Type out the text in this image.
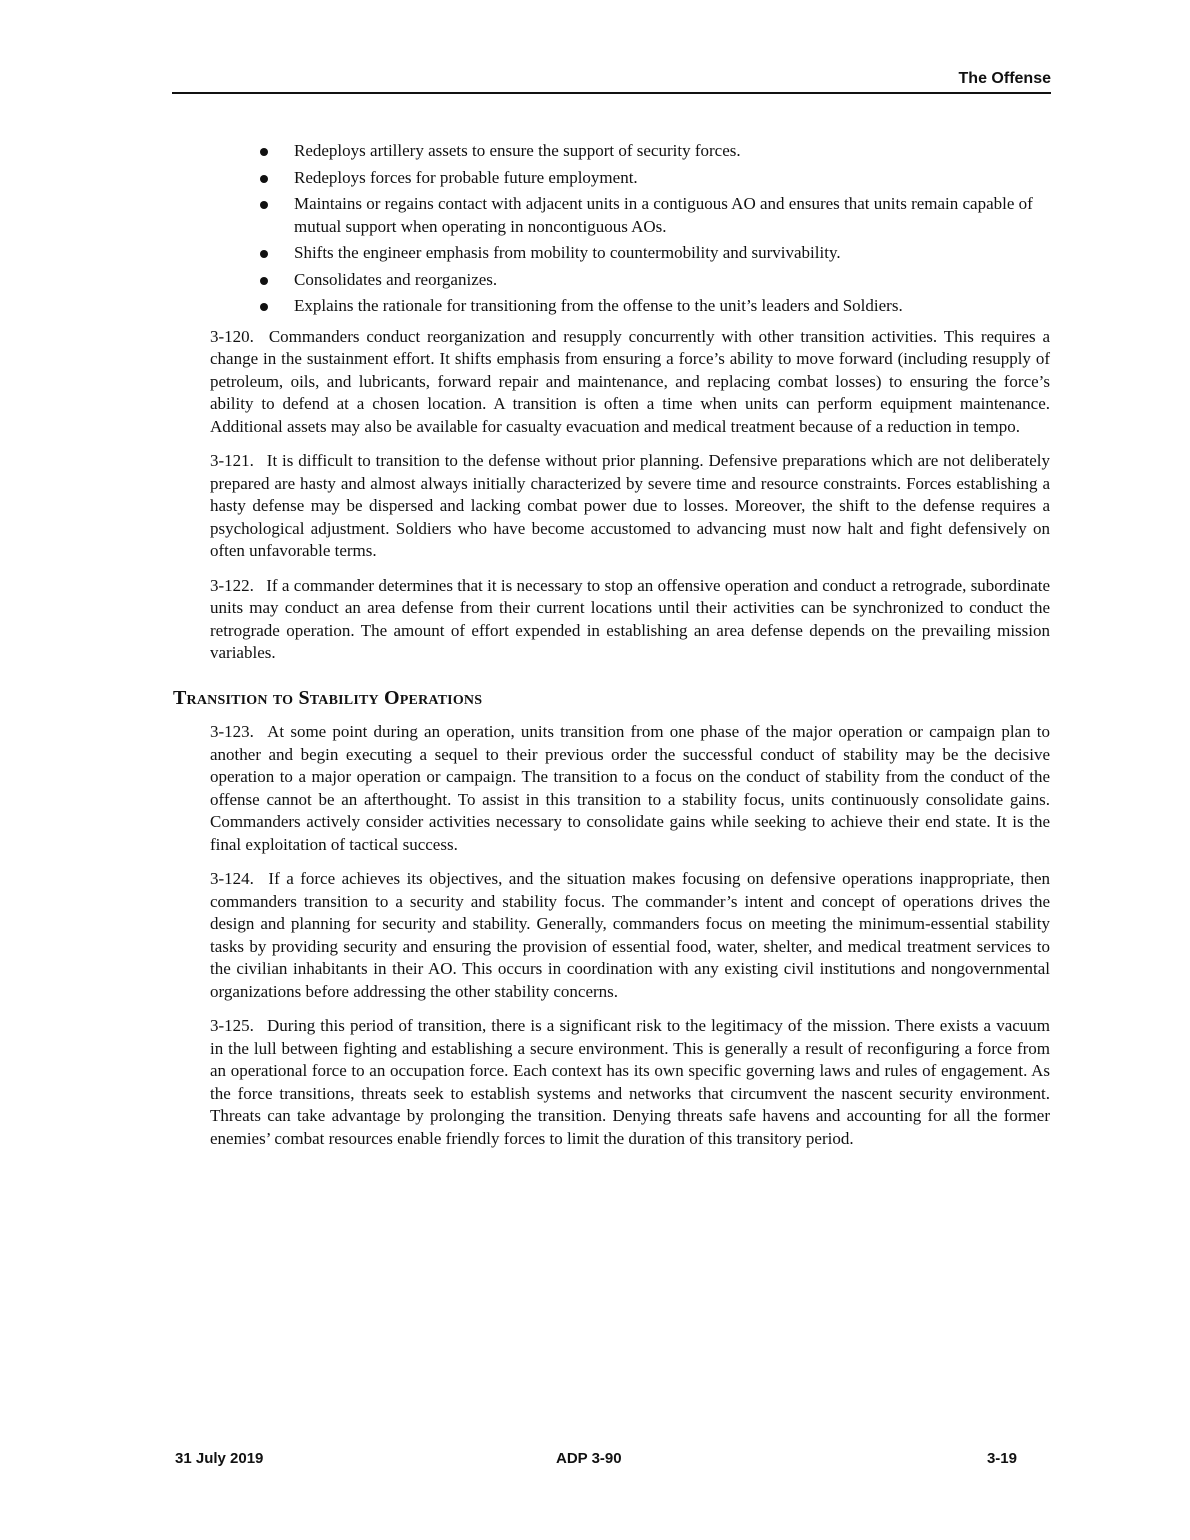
The Offense
Redeploys artillery assets to ensure the support of security forces.
Redeploys forces for probable future employment.
Maintains or regains contact with adjacent units in a contiguous AO and ensures that units remain capable of mutual support when operating in noncontiguous AOs.
Shifts the engineer emphasis from mobility to countermobility and survivability.
Consolidates and reorganizes.
Explains the rationale for transitioning from the offense to the unit’s leaders and Soldiers.

3-120. Commanders conduct reorganization and resupply concurrently with other transition activities. This requires a change in the sustainment effort. It shifts emphasis from ensuring a force’s ability to move forward (including resupply of petroleum, oils, and lubricants, forward repair and maintenance, and replacing combat losses) to ensuring the force’s ability to defend at a chosen location. A transition is often a time when units can perform equipment maintenance. Additional assets may also be available for casualty evacuation and medical treatment because of a reduction in tempo.

3-121. It is difficult to transition to the defense without prior planning. Defensive preparations which are not deliberately prepared are hasty and almost always initially characterized by severe time and resource constraints. Forces establishing a hasty defense may be dispersed and lacking combat power due to losses. Moreover, the shift to the defense requires a psychological adjustment. Soldiers who have become accustomed to advancing must now halt and fight defensively on often unfavorable terms.

3-122. If a commander determines that it is necessary to stop an offensive operation and conduct a retrograde, subordinate units may conduct an area defense from their current locations until their activities can be synchronized to conduct the retrograde operation. The amount of effort expended in establishing an area defense depends on the prevailing mission variables.

Transition to Stability Operations

3-123. At some point during an operation, units transition from one phase of the major operation or campaign plan to another and begin executing a sequel to their previous order the successful conduct of stability may be the decisive operation to a major operation or campaign. The transition to a focus on the conduct of stability from the conduct of the offense cannot be an afterthought. To assist in this transition to a stability focus, units continuously consolidate gains. Commanders actively consider activities necessary to consolidate gains while seeking to achieve their end state. It is the final exploitation of tactical success.

3-124. If a force achieves its objectives, and the situation makes focusing on defensive operations inappropriate, then commanders transition to a security and stability focus. The commander’s intent and concept of operations drives the design and planning for security and stability. Generally, commanders focus on meeting the minimum-essential stability tasks by providing security and ensuring the provision of essential food, water, shelter, and medical treatment services to the civilian inhabitants in their AO. This occurs in coordination with any existing civil institutions and nongovernmental organizations before addressing the other stability concerns.

3-125. During this period of transition, there is a significant risk to the legitimacy of the mission. There exists a vacuum in the lull between fighting and establishing a secure environment. This is generally a result of reconfiguring a force from an operational force to an occupation force. Each context has its own specific governing laws and rules of engagement. As the force transitions, threats seek to establish systems and networks that circumvent the nascent security environment. Threats can take advantage by prolonging the transition. Denying threats safe havens and accounting for all the former enemies’ combat resources enable friendly forces to limit the duration of this transitory period.

31 July 2019	ADP 3-90	3-19
